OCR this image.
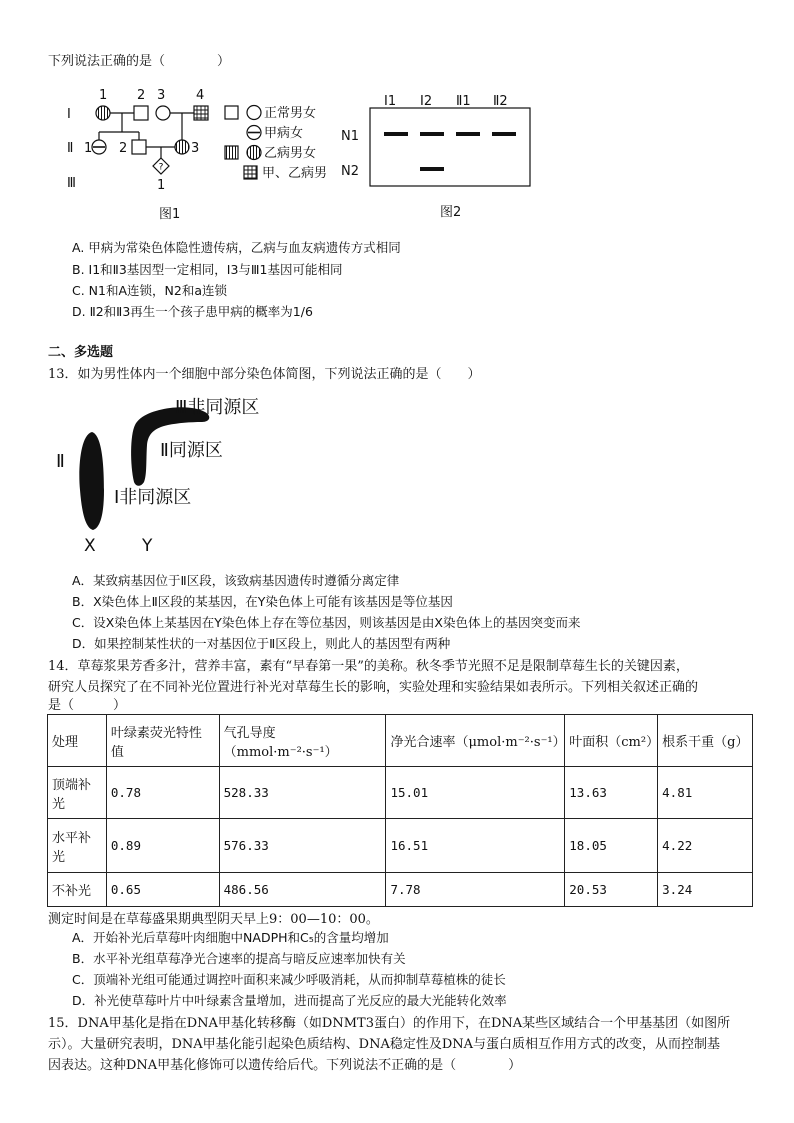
下列说法正确的是（　　　　）
?
1 2 3 4
1 2	3
1
Ⅰ
Ⅱ
Ⅲ
图1
正常男女
甲病女
乙病男女
甲、乙病男
Ⅰ1 Ⅰ2 Ⅱ1 Ⅱ2
N1
N2
图2
A. 甲病为常染色体隐性遗传病，乙病与血友病遗传方式相同
B. I1和Ⅱ3基因型一定相同，I3与Ⅲ1基因可能相同
C. N1和A连锁，N2和a连锁
D. Ⅱ2和Ⅱ3再生一个孩子患甲病的概率为1/6
二、多选题
13．如为男性体内一个细胞中部分染色体简图，下列说法正确的是（　　）
Ⅲ非同源区
Ⅱ同源区
Ⅰ非同源区
Ⅱ
X	Y
A．某致病基因位于Ⅱ区段，该致病基因遗传时遵循分离定律
B．X染色体上Ⅱ区段的某基因，在Y染色体上可能有该基因是等位基因
C．设X染色体上某基因在Y染色体上存在等位基因，则该基因是由X染色体上的基因突变而来
D．如果控制某性状的一对基因位于Ⅱ区段上，则此人的基因型有两种
14．草莓浆果芳香多汁，营养丰富，素有“早春第一果”的美称。秋冬季节光照不足是限制草莓生长的关键因素，
研究人员探究了在不同补光位置进行补光对草莓生长的影响，实验处理和实验结果如表所示。下列相关叙述正确的
是（　　　）
处理	叶绿素荧光特性值	气孔导度（mmol·m⁻²·s⁻¹）	净光合速率（μmol·m⁻²·s⁻¹）	叶面积（cm²）	根系干重（g）
顶端补光	0.78	528.33	15.01	13.63	4.81
水平补光	0.89	576.33	16.51	18.05	4.22
不补光	0.65	486.56	7.78	20.53	3.24
测定时间是在草莓盛果期典型阴天早上9：00—10：00。
A．开始补光后草莓叶肉细胞中NADPH和C₅的含量均增加
B．水平补光组草莓净光合速率的提高与暗反应速率加快有关
C．顶端补光组可能通过调控叶面积来减少呼吸消耗，从而抑制草莓植株的徒长
D．补光使草莓叶片中叶绿素含量增加，进而提高了光反应的最大光能转化效率
15．DNA甲基化是指在DNA甲基化转移酶（如DNMT3蛋白）的作用下，在DNA某些区域结合一个甲基基团（如图所
示）。大量研究表明，DNA甲基化能引起染色质结构、DNA稳定性及DNA与蛋白质相互作用方式的改变，从而控制基
因表达。这种DNA甲基化修饰可以遗传给后代。下列说法不正确的是（　　　　）
